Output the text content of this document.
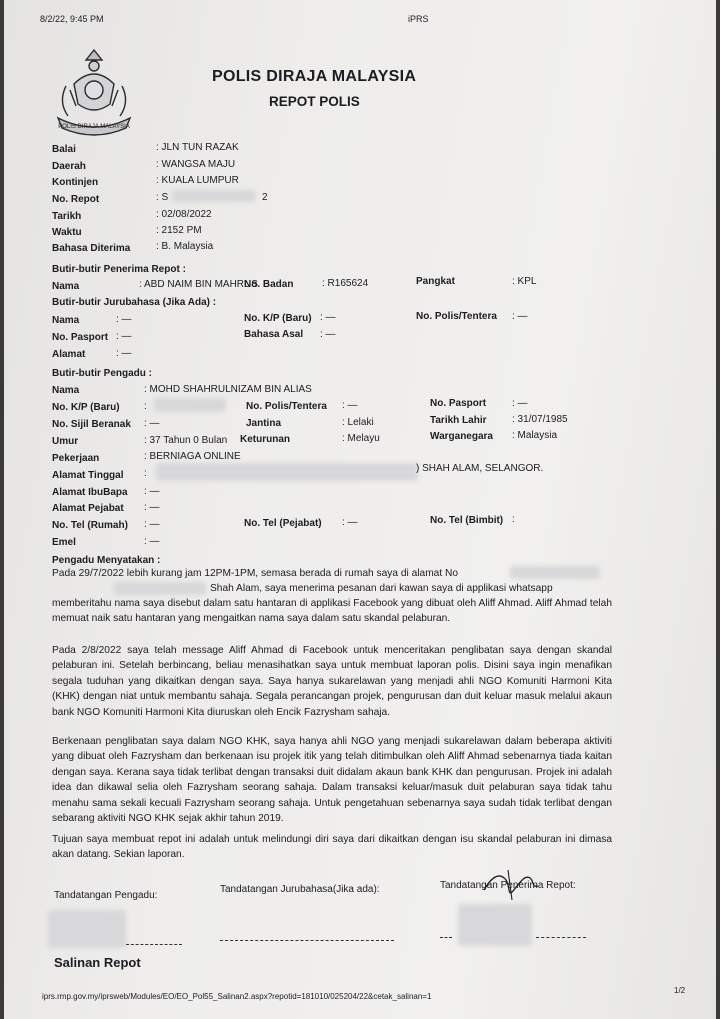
8/2/22, 9:45 PM	iPRS
POLIS DIRAJA MALAYSIA
POLIS DIRAJA MALAYSIA
REPOT POLIS
Balai	: JLN TUN RAZAK
Daerah	: WANGSA MAJU
Kontinjen	: KUALA LUMPUR
No. Repot	: S	2
Tarikh	: 02/08/2022
Waktu	: 2152 PM
Bahasa Diterima	: B. Malaysia
Butir-butir Penerima Repot :
Nama	: ABD NAIM BIN MAHRUS
No. Badan	: R165624	Pangkat	: KPL
Butir-butir Jurubahasa (Jika Ada) :
Nama	: —	No. K/P (Baru) : —	No. Polis/Tentera : —
No. Pasport : —	Bahasa Asal : —
Alamat	: —
Butir-butir Pengadu :
Nama	: MOHD SHAHRULNIZAM BIN ALIAS
No. K/P (Baru) :	No. Polis/Tentera : —	No. Pasport	: —
No. Sijil Beranak : —	Jantina	: Lelaki	Tarikh Lahir	: 31/07/1985
Umur	: 37 Tahun 0 Bulan Keturunan	: Melayu	Warganegara : Malaysia
Pekerjaan	: BERNIAGA ONLINE
Alamat Tinggal :	) SHAH ALAM, SELANGOR.
Alamat IbuBapa : —
Alamat Pejabat : —
No. Tel (Rumah) : —	No. Tel (Pejabat) : —	No. Tel (Bimbit) :
Emel	: —
Pengadu Menyatakan :
Pada 29/7/2022 lebih kurang jam 12PM-1PM, semasa berada di rumah saya di alamat No
Shah Alam, saya menerima pesanan dari kawan saya di applikasi whatsapp
memberitahu nama saya disebut dalam satu hantaran di applikasi Facebook yang dibuat oleh Aliff Ahmad. Aliff Ahmad telah memuat naik satu hantaran yang mengaitkan nama saya dalam satu skandal pelaburan.
Pada 2/8/2022 saya telah message Aliff Ahmad di Facebook untuk menceritakan penglibatan saya dengan skandal pelaburan ini. Setelah berbincang, beliau menasihatkan saya untuk membuat laporan polis. Disini saya ingin menafikan segala tuduhan yang dikaitkan dengan saya. Saya hanya sukarelawan yang menjadi ahli NGO Komuniti Harmoni Kita (KHK) dengan niat untuk membantu sahaja. Segala perancangan projek, pengurusan dan duit keluar masuk melalui akaun bank NGO Komuniti Harmoni Kita diuruskan oleh Encik Fazrysham sahaja.
Berkenaan penglibatan saya dalam NGO KHK, saya hanya ahli NGO yang menjadi sukarelawan dalam beberapa aktiviti yang dibuat oleh Fazrysham dan berkenaan isu projek itik yang telah ditimbulkan oleh Aliff Ahmad sebenarnya tiada kaitan dengan saya. Kerana saya tidak terlibat dengan transaksi duit didalam akaun bank KHK dan pengurusan. Projek ini adalah idea dan dikawal selia oleh Fazrysham seorang sahaja. Dalam transaksi keluar/masuk duit pelaburan saya tidak tahu menahu sama sekali kecuali Fazrysham seorang sahaja. Untuk pengetahuan sebenarnya saya sudah tidak terlibat dengan sebarang aktiviti NGO KHK sejak akhir tahun 2019.
Tujuan saya membuat repot ini adalah untuk melindungi diri saya dari dikaitkan dengan isu skandal pelaburan ini dimasa akan datang. Sekian laporan.
Tandatangan Pengadu:
Tandatangan Jurubahasa(Jika ada):	Tandatangan Penerima Repot:
Salinan Repot
iprs.rmp.gov.my/iprsweb/Modules/EO/EO_Pol55_Salinan2.aspx?repotid=181010/025204/22&cetak_salinan=1
1/2
